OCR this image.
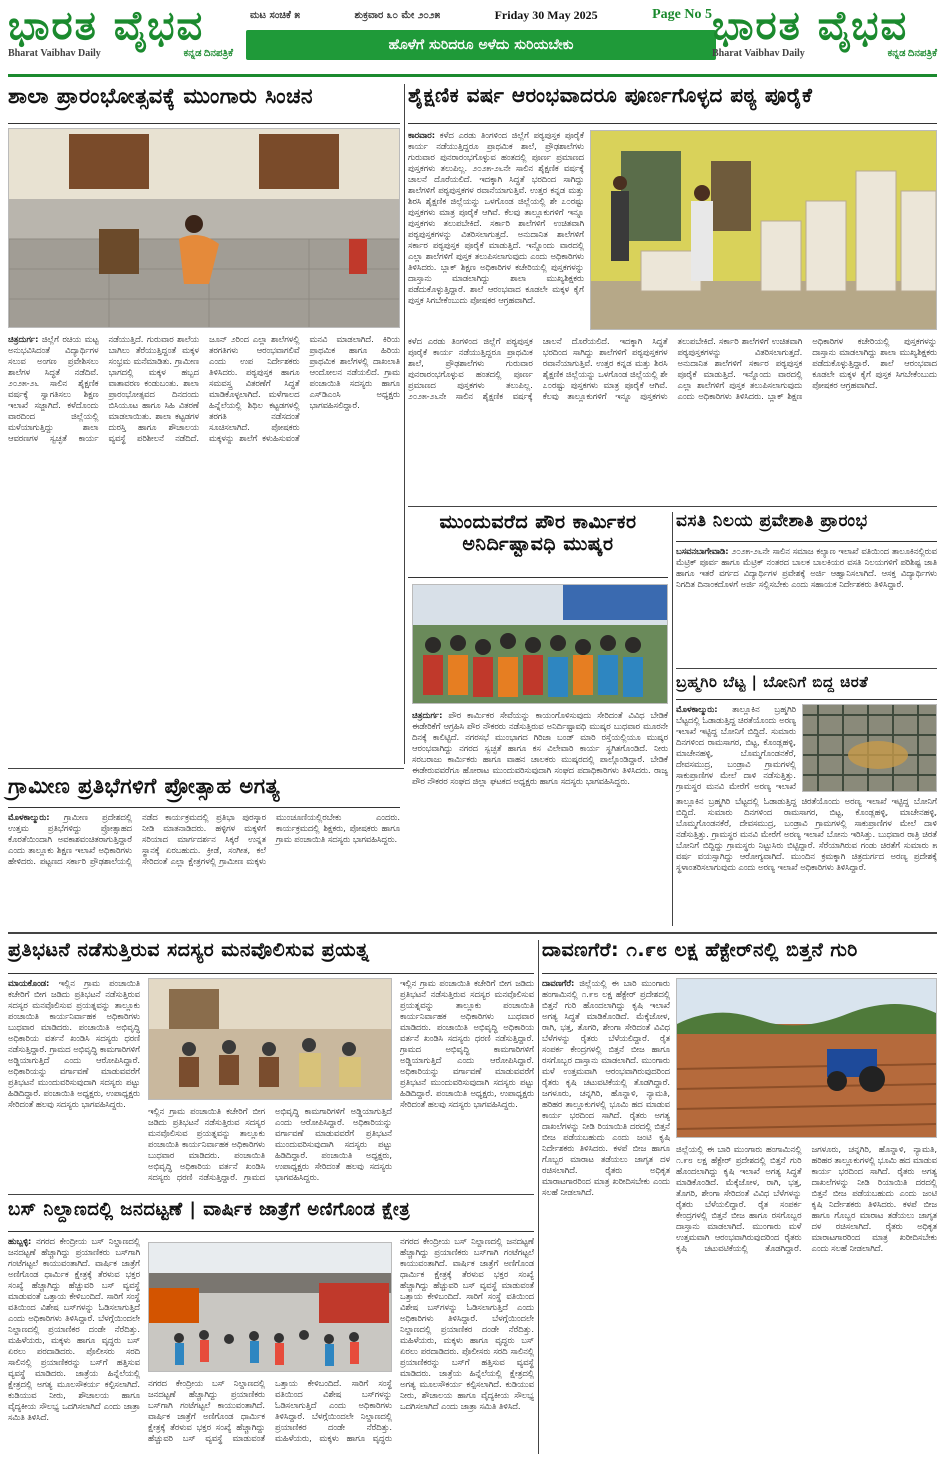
ಭಾರತ ವೈಭವ
Bharat Vaibhav Daily	ಕನ್ನಡ ದಿನಪತ್ರಿಕೆ
ಮಟ ಸಂಚಿಕೆ ೫	ಶುಕ್ರವಾರ ೩೦ ಮೇ ೨೦೨೫	Friday 30 May 2025	Page No 5
ಹೊಳೆಗೆ ಸುರಿದರೂ ಅಳೆದು ಸುರಿಯಬೇಕು	ಭಾರತ ವೈಭವ
Bharat Vaibhav Daily	ಕನ್ನಡ ದಿನಪತ್ರಿಕೆ
ಶಾಲಾ ಪ್ರಾರಂಭೋತ್ಸವಕ್ಕೆ ಮುಂಗಾರು ಸಿಂಚನ
ಚಿತ್ರದುರ್ಗ: ಜಿಲ್ಲೆಗೆ ರಚಿಯ ಮಟ್ಟ ಅನುಭವಿಸಿದಂತೆ ವಿದ್ಯಾರ್ಥಿಗಳ ಸಲುವ ಅಂಗಣ ಪ್ರವೇಶಿಸಲು ಶಾಲೆಗಳ ಸಿದ್ಧತೆ ನಡೆದಿವೆ. ೨೦೨೫-೨೬ ಸಾಲಿನ ಶೈಕ್ಷಣಿಕ ವರ್ಷಕ್ಕೆ ಸ್ವಾಗತಿಸಲು ಶಿಕ್ಷಣ ಇಲಾಖೆ ಸಜ್ಜಾಗಿದೆ. ಕಳೆದೊಂದು ವಾರದಿಂದ ಜಿಲ್ಲೆಯಲ್ಲಿ ಮಳೆಯಾಗುತ್ತಿದ್ದು ಶಾಲಾ ಆವರಣಗಳ ಸ್ವಚ್ಛತೆ ಕಾರ್ಯ ನಡೆಯುತ್ತಿದೆ. ಗುರುವಾರ ಶಾಲೆಯ ಬಾಗಿಲು ತೆರೆಯುತ್ತಿದ್ದಂತೆ ಮಕ್ಕಳ ಸಂಭ್ರಮ ಮನೆಮಾಡಿತು. ಗ್ರಾಮೀಣ ಭಾಗದಲ್ಲಿ ಮಕ್ಕಳ ಹಬ್ಬದ ವಾತಾವರಣ ಕಂಡುಬಂತು. ಶಾಲಾ ಪ್ರಾರಂಭೋತ್ಸವದ ದಿನದಂದು ಬಿಸಿಯೂಟ ಹಾಗೂ ಸಿಹಿ ವಿತರಣೆ ಮಾಡಲಾಯಿತು. ಶಾಲಾ ಕಟ್ಟಡಗಳ ದುರಸ್ತಿ ಹಾಗೂ ಶೌಚಾಲಯ ವ್ಯವಸ್ಥೆ ಪರಿಶೀಲನೆ ನಡೆದಿದೆ. ಜೂನ್ ೨ರಿಂದ ಎಲ್ಲಾ ಶಾಲೆಗಳಲ್ಲಿ ತರಗತಿಗಳು ಆರಂಭವಾಗಲಿವೆ ಎಂದು ಉಪ ನಿರ್ದೇಶಕರು ತಿಳಿಸಿದರು. ಪಠ್ಯಪುಸ್ತಕ ಹಾಗೂ ಸಮವಸ್ತ್ರ ವಿತರಣೆಗೆ ಸಿದ್ಧತೆ ಮಾಡಿಕೊಳ್ಳಲಾಗಿದೆ. ಮಳೆಗಾಲದ ಹಿನ್ನೆಲೆಯಲ್ಲಿ ಶಿಥಿಲ ಕಟ್ಟಡಗಳಲ್ಲಿ ತರಗತಿ ನಡೆಸದಂತೆ ಸೂಚಿಸಲಾಗಿದೆ. ಪೋಷಕರು ಮಕ್ಕಳನ್ನು ಶಾಲೆಗೆ ಕಳುಹಿಸುವಂತೆ ಮನವಿ ಮಾಡಲಾಗಿದೆ. ಕಿರಿಯ ಪ್ರಾಥಮಿಕ ಹಾಗೂ ಹಿರಿಯ ಪ್ರಾಥಮಿಕ ಶಾಲೆಗಳಲ್ಲಿ ದಾಖಲಾತಿ ಆಂದೋಲನ ನಡೆಯಲಿದೆ. ಗ್ರಾಮ ಪಂಚಾಯಿತಿ ಸದಸ್ಯರು ಹಾಗೂ ಎಸ್‌ಡಿಎಂಸಿ ಅಧ್ಯಕ್ಷರು ಭಾಗವಹಿಸಲಿದ್ದಾರೆ.
ಶೈಕ್ಷಣಿಕ ವರ್ಷ ಆರಂಭವಾದರೂ ಪೂರ್ಣಗೊಳ್ಳದ ಪಠ್ಯ ಪೂರೈಕೆ
ಕಾರವಾರ: ಕಳೆದ ಎರಡು ತಿಂಗಳಿಂದ ಜಿಲ್ಲೆಗೆ ಪಠ್ಯಪುಸ್ತಕ ಪೂರೈಕೆ ಕಾರ್ಯ ನಡೆಯುತ್ತಿದ್ದರೂ ಪ್ರಾಥಮಿಕ ಶಾಲೆ, ಪ್ರೌಢಶಾಲೆಗಳು ಗುರುವಾರ ಪುನರಾರಂಭಗೊಳ್ಳುವ ಹಂತದಲ್ಲಿ ಪೂರ್ಣ ಪ್ರಮಾಣದ ಪುಸ್ತಕಗಳು ತಲುಪಿಲ್ಲ. ೨೦೨೫-೨೬ನೇ ಸಾಲಿನ ಶೈಕ್ಷಣಿಕ ವರ್ಷಕ್ಕೆ ಚಾಲನೆ ದೊರೆಯಲಿದೆ. ಇದಕ್ಕಾಗಿ ಸಿದ್ಧತೆ ಭರದಿಂದ ಸಾಗಿದ್ದು ಶಾಲೆಗಳಿಗೆ ಪಠ್ಯಪುಸ್ತಕಗಳ ರವಾನೆಯಾಗುತ್ತಿವೆ. ಉತ್ತರ ಕನ್ನಡ ಮತ್ತು ಶಿರಸಿ ಶೈಕ್ಷಣಿಕ ಜಿಲ್ಲೆಯನ್ನು ಒಳಗೊಂಡ ಜಿಲ್ಲೆಯಲ್ಲಿ ಶೇ ೭೦ರಷ್ಟು ಪುಸ್ತಕಗಳು ಮಾತ್ರ ಪೂರೈಕೆ ಆಗಿವೆ. ಕೆಲವು ತಾಲ್ಲೂಕುಗಳಿಗೆ ಇನ್ನೂ ಪುಸ್ತಕಗಳು ತಲುಪಬೇಕಿದೆ. ಸರ್ಕಾರಿ ಶಾಲೆಗಳಿಗೆ ಉಚಿತವಾಗಿ ಪಠ್ಯಪುಸ್ತಕಗಳನ್ನು ವಿತರಿಸಲಾಗುತ್ತದೆ. ಅನುದಾನಿತ ಶಾಲೆಗಳಿಗೆ ಸರ್ಕಾರ ಪಠ್ಯಪುಸ್ತಕ ಪೂರೈಕೆ ಮಾಡುತ್ತಿದೆ. ಇನ್ನೊಂದು ವಾರದಲ್ಲಿ ಎಲ್ಲಾ ಶಾಲೆಗಳಿಗೆ ಪುಸ್ತಕ ತಲುಪಿಸಲಾಗುವುದು ಎಂದು ಅಧಿಕಾರಿಗಳು ತಿಳಿಸಿದರು. ಬ್ಲಾಕ್ ಶಿಕ್ಷಣ ಅಧಿಕಾರಿಗಳ ಕಚೇರಿಯಲ್ಲಿ ಪುಸ್ತಕಗಳನ್ನು ದಾಸ್ತಾನು ಮಾಡಲಾಗಿದ್ದು ಶಾಲಾ ಮುಖ್ಯಶಿಕ್ಷಕರು ಪಡೆದುಕೊಳ್ಳುತ್ತಿದ್ದಾರೆ. ಶಾಲೆ ಆರಂಭವಾದ ಕೂಡಲೇ ಮಕ್ಕಳ ಕೈಗೆ ಪುಸ್ತಕ ಸಿಗಬೇಕೆಂಬುದು ಪೋಷಕರ ಆಗ್ರಹವಾಗಿದೆ.
ಕಳೆದ ಎರಡು ತಿಂಗಳಿಂದ ಜಿಲ್ಲೆಗೆ ಪಠ್ಯಪುಸ್ತಕ ಪೂರೈಕೆ ಕಾರ್ಯ ನಡೆಯುತ್ತಿದ್ದರೂ ಪ್ರಾಥಮಿಕ ಶಾಲೆ, ಪ್ರೌಢಶಾಲೆಗಳು ಗುರುವಾರ ಪುನರಾರಂಭಗೊಳ್ಳುವ ಹಂತದಲ್ಲಿ ಪೂರ್ಣ ಪ್ರಮಾಣದ ಪುಸ್ತಕಗಳು ತಲುಪಿಲ್ಲ. ೨೦೨೫-೨೬ನೇ ಸಾಲಿನ ಶೈಕ್ಷಣಿಕ ವರ್ಷಕ್ಕೆ ಚಾಲನೆ ದೊರೆಯಲಿದೆ. ಇದಕ್ಕಾಗಿ ಸಿದ್ಧತೆ ಭರದಿಂದ ಸಾಗಿದ್ದು ಶಾಲೆಗಳಿಗೆ ಪಠ್ಯಪುಸ್ತಕಗಳ ರವಾನೆಯಾಗುತ್ತಿವೆ. ಉತ್ತರ ಕನ್ನಡ ಮತ್ತು ಶಿರಸಿ ಶೈಕ್ಷಣಿಕ ಜಿಲ್ಲೆಯನ್ನು ಒಳಗೊಂಡ ಜಿಲ್ಲೆಯಲ್ಲಿ ಶೇ ೭೦ರಷ್ಟು ಪುಸ್ತಕಗಳು ಮಾತ್ರ ಪೂರೈಕೆ ಆಗಿವೆ. ಕೆಲವು ತಾಲ್ಲೂಕುಗಳಿಗೆ ಇನ್ನೂ ಪುಸ್ತಕಗಳು ತಲುಪಬೇಕಿದೆ. ಸರ್ಕಾರಿ ಶಾಲೆಗಳಿಗೆ ಉಚಿತವಾಗಿ ಪಠ್ಯಪುಸ್ತಕಗಳನ್ನು ವಿತರಿಸಲಾಗುತ್ತದೆ. ಅನುದಾನಿತ ಶಾಲೆಗಳಿಗೆ ಸರ್ಕಾರ ಪಠ್ಯಪುಸ್ತಕ ಪೂರೈಕೆ ಮಾಡುತ್ತಿದೆ. ಇನ್ನೊಂದು ವಾರದಲ್ಲಿ ಎಲ್ಲಾ ಶಾಲೆಗಳಿಗೆ ಪುಸ್ತಕ ತಲುಪಿಸಲಾಗುವುದು ಎಂದು ಅಧಿಕಾರಿಗಳು ತಿಳಿಸಿದರು. ಬ್ಲಾಕ್ ಶಿಕ್ಷಣ ಅಧಿಕಾರಿಗಳ ಕಚೇರಿಯಲ್ಲಿ ಪುಸ್ತಕಗಳನ್ನು ದಾಸ್ತಾನು ಮಾಡಲಾಗಿದ್ದು ಶಾಲಾ ಮುಖ್ಯಶಿಕ್ಷಕರು ಪಡೆದುಕೊಳ್ಳುತ್ತಿದ್ದಾರೆ. ಶಾಲೆ ಆರಂಭವಾದ ಕೂಡಲೇ ಮಕ್ಕಳ ಕೈಗೆ ಪುಸ್ತಕ ಸಿಗಬೇಕೆಂಬುದು ಪೋಷಕರ ಆಗ್ರಹವಾಗಿದೆ.
ಮುಂದುವರೆದ ಪೌರ ಕಾರ್ಮಿಕರ ಅನಿರ್ದಿಷ್ಟಾವಧಿ ಮುಷ್ಕರ
ಚಿತ್ರದುರ್ಗ: ಪೌರ ಕಾರ್ಮಿಕರ ಸೇವೆಯನ್ನು ಕಾಯಂಗೊಳಿಸುವುದು ಸೇರಿದಂತೆ ವಿವಿಧ ಬೇಡಿಕೆ ಈಡೇರಿಕೆಗೆ ಆಗ್ರಹಿಸಿ ಪೌರ ನೌಕರರು ನಡೆಸುತ್ತಿರುವ ಅನಿರ್ದಿಷ್ಟಾವಧಿ ಮುಷ್ಕರ ಬುಧವಾರ ಮೂರನೇ ದಿನಕ್ಕೆ ಕಾಲಿಟ್ಟಿದೆ. ನಗರಸಭೆ ಮುಂಭಾಗದ ಗಿರಿಜಾ ಬಂಡ್ ಮಾರಿ ರಸ್ತೆಯಲ್ಲಿಯೂ ಮುಷ್ಕರ ಆರಂಭವಾಗಿದ್ದು ನಗರದ ಸ್ವಚ್ಛತೆ ಹಾಗೂ ಕಸ ವಿಲೇವಾರಿ ಕಾರ್ಯ ಸ್ಥಗಿತಗೊಂಡಿದೆ. ನೀರು ಸರಬರಾಜು ಕಾರ್ಮಿಕರು ಹಾಗೂ ವಾಹನ ಚಾಲಕರು ಮುಷ್ಕರದಲ್ಲಿ ಪಾಲ್ಗೊಂಡಿದ್ದಾರೆ. ಬೇಡಿಕೆ ಈಡೇರುವವರೆಗೂ ಹೋರಾಟ ಮುಂದುವರಿಸುವುದಾಗಿ ಸಂಘದ ಪದಾಧಿಕಾರಿಗಳು ತಿಳಿಸಿದರು. ರಾಜ್ಯ ಪೌರ ನೌಕರರ ಸಂಘದ ಜಿಲ್ಲಾ ಘಟಕದ ಅಧ್ಯಕ್ಷರು ಹಾಗೂ ಸದಸ್ಯರು ಭಾಗವಹಿಸಿದ್ದರು.
ವಸತಿ ನಿಲಯ ಪ್ರವೇಶಾತಿ ಪ್ರಾರಂಭ
ಬಸವನಬಾಗೇವಾಡಿ: ೨೦೨೫-೨೬ನೇ ಸಾಲಿನ ಸಮಾಜ ಕಲ್ಯಾಣ ಇಲಾಖೆ ವತಿಯಿಂದ ತಾಲೂಕಿನಲ್ಲಿರುವ ಮೆಟ್ರಿಕ್ ಪೂರ್ವ ಹಾಗೂ ಮೆಟ್ರಿಕ್ ನಂತರದ ಬಾಲಕ ಬಾಲಕಿಯರ ವಸತಿ ನಿಲಯಗಳಿಗೆ ಪರಿಶಿಷ್ಟ ಜಾತಿ ಹಾಗೂ ಇತರೆ ವರ್ಗದ ವಿದ್ಯಾರ್ಥಿಗಳ ಪ್ರವೇಶಕ್ಕೆ ಅರ್ಜಿ ಆಹ್ವಾನಿಸಲಾಗಿದೆ. ಆಸಕ್ತ ವಿದ್ಯಾರ್ಥಿಗಳು ನಿಗದಿತ ದಿನಾಂಕದೊಳಗೆ ಅರ್ಜಿ ಸಲ್ಲಿಸಬೇಕು ಎಂದು ಸಹಾಯಕ ನಿರ್ದೇಶಕರು ತಿಳಿಸಿದ್ದಾರೆ.
ಬ್ರಹ್ಮಗಿರಿ ಬೆಟ್ಟ | ಬೋನಿಗೆ ಬಿದ್ದ ಚಿರತೆ
ಮೊಳಕಾಲ್ಮುರು: ತಾಲ್ಲೂಕಿನ ಬ್ರಹ್ಮಗಿರಿ ಬೆಟ್ಟದಲ್ಲಿ ಓಡಾಡುತ್ತಿದ್ದ ಚಿರತೆಯೊಂದು ಅರಣ್ಯ ಇಲಾಖೆ ಇಟ್ಟಿದ್ದ ಬೋನಿಗೆ ಬಿದ್ದಿದೆ. ಸುಮಾರು ದಿನಗಳಿಂದ ರಾಮಸಾಗರ, ಬಿಟ್ಟ, ಕೊಂಡ್ಲಹಳ್ಳಿ, ಮಾಚೇನಹಳ್ಳಿ, ಬೊಮ್ಮಗೊಂಡನಕೆರೆ, ದೇವಸಮುದ್ರ, ಬಂಡ್ರಾವಿ ಗ್ರಾಮಗಳಲ್ಲಿ ಸಾಕುಪ್ರಾಣಿಗಳ ಮೇಲೆ ದಾಳಿ ನಡೆಸುತ್ತಿತ್ತು. ಗ್ರಾಮಸ್ಥರ ಮನವಿ ಮೇರೆಗೆ ಅರಣ್ಯ ಇಲಾಖೆ
ತಾಲ್ಲೂಕಿನ ಬ್ರಹ್ಮಗಿರಿ ಬೆಟ್ಟದಲ್ಲಿ ಓಡಾಡುತ್ತಿದ್ದ ಚಿರತೆಯೊಂದು ಅರಣ್ಯ ಇಲಾಖೆ ಇಟ್ಟಿದ್ದ ಬೋನಿಗೆ ಬಿದ್ದಿದೆ. ಸುಮಾರು ದಿನಗಳಿಂದ ರಾಮಸಾಗರ, ಬಿಟ್ಟ, ಕೊಂಡ್ಲಹಳ್ಳಿ, ಮಾಚೇನಹಳ್ಳಿ, ಬೊಮ್ಮಗೊಂಡನಕೆರೆ, ದೇವಸಮುದ್ರ, ಬಂಡ್ರಾವಿ ಗ್ರಾಮಗಳಲ್ಲಿ ಸಾಕುಪ್ರಾಣಿಗಳ ಮೇಲೆ ದಾಳಿ ನಡೆಸುತ್ತಿತ್ತು. ಗ್ರಾಮಸ್ಥರ ಮನವಿ ಮೇರೆಗೆ ಅರಣ್ಯ ಇಲಾಖೆ ಬೋನು ಇರಿಸಿತ್ತು. ಬುಧವಾರ ರಾತ್ರಿ ಚಿರತೆ ಬೋನಿಗೆ ಬಿದ್ದಿದ್ದು ಗ್ರಾಮಸ್ಥರು ನಿಟ್ಟುಸಿರು ಬಿಟ್ಟಿದ್ದಾರೆ. ಸೆರೆಯಾಗಿರುವ ಗಂಡು ಚಿರತೆಗೆ ಸುಮಾರು ೫ ವರ್ಷ ವಯಸ್ಸಾಗಿದ್ದು ಆರೋಗ್ಯವಾಗಿದೆ. ಮುಂದಿನ ಕ್ರಮಕ್ಕಾಗಿ ಚಿತ್ರದುರ್ಗದ ಅರಣ್ಯ ಪ್ರದೇಶಕ್ಕೆ ಸ್ಥಳಾಂತರಿಸಲಾಗುವುದು ಎಂದು ಅರಣ್ಯ ಇಲಾಖೆ ಅಧಿಕಾರಿಗಳು ತಿಳಿಸಿದ್ದಾರೆ.
ಗ್ರಾಮೀಣ ಪ್ರತಿಭೆಗಳಿಗೆ ಪ್ರೋತ್ಸಾಹ ಅಗತ್ಯ
ಮೊಳಕಾಲ್ಮುರು: ಗ್ರಾಮೀಣ ಪ್ರದೇಶದಲ್ಲಿ ಉತ್ತಮ ಪ್ರತಿಭೆಗಳಿದ್ದು ಪ್ರೋತ್ಸಾಹದ ಕೊರತೆಯಿಂದಾಗಿ ಅವಕಾಶವಂಚಿತರಾಗುತ್ತಿದ್ದಾರೆ ಎಂದು ತಾಲ್ಲೂಕು ಶಿಕ್ಷಣ ಇಲಾಖೆ ಅಧಿಕಾರಿಗಳು ಹೇಳಿದರು. ಪಟ್ಟಣದ ಸರ್ಕಾರಿ ಪ್ರೌಢಶಾಲೆಯಲ್ಲಿ ನಡೆದ ಕಾರ್ಯಕ್ರಮದಲ್ಲಿ ಪ್ರತಿಭಾ ಪುರಸ್ಕಾರ ನೀಡಿ ಮಾತನಾಡಿದರು. ಹಳ್ಳಿಗಳ ಮಕ್ಕಳಿಗೆ ಸರಿಯಾದ ಮಾರ್ಗದರ್ಶನ ಸಿಕ್ಕರೆ ಉನ್ನತ ಸ್ಥಾನಕ್ಕೆ ಏರಬಹುದು. ಕ್ರೀಡೆ, ಸಂಗೀತ, ಕಲೆ ಸೇರಿದಂತೆ ಎಲ್ಲಾ ಕ್ಷೇತ್ರಗಳಲ್ಲಿ ಗ್ರಾಮೀಣ ಮಕ್ಕಳು ಮುಂಚೂಣಿಯಲ್ಲಿರಬೇಕು ಎಂದರು. ಕಾರ್ಯಕ್ರಮದಲ್ಲಿ ಶಿಕ್ಷಕರು, ಪೋಷಕರು ಹಾಗೂ ಗ್ರಾಮ ಪಂಚಾಯಿತಿ ಸದಸ್ಯರು ಭಾಗವಹಿಸಿದ್ದರು.
ಪ್ರತಿಭಟನೆ ನಡೆಸುತ್ತಿರುವ ಸದಸ್ಯರ ಮನವೊಲಿಸುವ ಪ್ರಯತ್ನ
ಮಾಯಕೊಂಡ: ಇಲ್ಲಿನ ಗ್ರಾಮ ಪಂಚಾಯಿತಿ ಕಚೇರಿಗೆ ಬೀಗ ಜಡಿದು ಪ್ರತಿಭಟನೆ ನಡೆಸುತ್ತಿರುವ ಸದಸ್ಯರ ಮನವೊಲಿಸುವ ಪ್ರಯತ್ನವನ್ನು ತಾಲ್ಲೂಕು ಪಂಚಾಯಿತಿ ಕಾರ್ಯನಿರ್ವಾಹಕ ಅಧಿಕಾರಿಗಳು ಬುಧವಾರ ಮಾಡಿದರು. ಪಂಚಾಯಿತಿ ಅಭಿವೃದ್ಧಿ ಅಧಿಕಾರಿಯ ವರ್ತನೆ ಖಂಡಿಸಿ ಸದಸ್ಯರು ಧರಣಿ ನಡೆಸುತ್ತಿದ್ದಾರೆ. ಗ್ರಾಮದ ಅಭಿವೃದ್ಧಿ ಕಾಮಗಾರಿಗಳಿಗೆ ಅಡ್ಡಿಯಾಗುತ್ತಿದೆ ಎಂದು ಆರೋಪಿಸಿದ್ದಾರೆ. ಅಧಿಕಾರಿಯನ್ನು ವರ್ಗಾವಣೆ ಮಾಡುವವರೆಗೆ ಪ್ರತಿಭಟನೆ ಮುಂದುವರಿಸುವುದಾಗಿ ಸದಸ್ಯರು ಪಟ್ಟು ಹಿಡಿದಿದ್ದಾರೆ. ಪಂಚಾಯಿತಿ ಅಧ್ಯಕ್ಷರು, ಉಪಾಧ್ಯಕ್ಷರು ಸೇರಿದಂತೆ ಹಲವು ಸದಸ್ಯರು ಭಾಗವಹಿಸಿದ್ದರು.
ಇಲ್ಲಿನ ಗ್ರಾಮ ಪಂಚಾಯಿತಿ ಕಚೇರಿಗೆ ಬೀಗ ಜಡಿದು ಪ್ರತಿಭಟನೆ ನಡೆಸುತ್ತಿರುವ ಸದಸ್ಯರ ಮನವೊಲಿಸುವ ಪ್ರಯತ್ನವನ್ನು ತಾಲ್ಲೂಕು ಪಂಚಾಯಿತಿ ಕಾರ್ಯನಿರ್ವಾಹಕ ಅಧಿಕಾರಿಗಳು ಬುಧವಾರ ಮಾಡಿದರು. ಪಂಚಾಯಿತಿ ಅಭಿವೃದ್ಧಿ ಅಧಿಕಾರಿಯ ವರ್ತನೆ ಖಂಡಿಸಿ ಸದಸ್ಯರು ಧರಣಿ ನಡೆಸುತ್ತಿದ್ದಾರೆ. ಗ್ರಾಮದ ಅಭಿವೃದ್ಧಿ ಕಾಮಗಾರಿಗಳಿಗೆ ಅಡ್ಡಿಯಾಗುತ್ತಿದೆ ಎಂದು ಆರೋಪಿಸಿದ್ದಾರೆ. ಅಧಿಕಾರಿಯನ್ನು ವರ್ಗಾವಣೆ ಮಾಡುವವರೆಗೆ ಪ್ರತಿಭಟನೆ ಮುಂದುವರಿಸುವುದಾಗಿ ಸದಸ್ಯರು ಪಟ್ಟು ಹಿಡಿದಿದ್ದಾರೆ. ಪಂಚಾಯಿತಿ ಅಧ್ಯಕ್ಷರು, ಉಪಾಧ್ಯಕ್ಷರು ಸೇರಿದಂತೆ ಹಲವು ಸದಸ್ಯರು ಭಾಗವಹಿಸಿದ್ದರು.
ಇಲ್ಲಿನ ಗ್ರಾಮ ಪಂಚಾಯಿತಿ ಕಚೇರಿಗೆ ಬೀಗ ಜಡಿದು ಪ್ರತಿಭಟನೆ ನಡೆಸುತ್ತಿರುವ ಸದಸ್ಯರ ಮನವೊಲಿಸುವ ಪ್ರಯತ್ನವನ್ನು ತಾಲ್ಲೂಕು ಪಂಚಾಯಿತಿ ಕಾರ್ಯನಿರ್ವಾಹಕ ಅಧಿಕಾರಿಗಳು ಬುಧವಾರ ಮಾಡಿದರು. ಪಂಚಾಯಿತಿ ಅಭಿವೃದ್ಧಿ ಅಧಿಕಾರಿಯ ವರ್ತನೆ ಖಂಡಿಸಿ ಸದಸ್ಯರು ಧರಣಿ ನಡೆಸುತ್ತಿದ್ದಾರೆ. ಗ್ರಾಮದ ಅಭಿವೃದ್ಧಿ ಕಾಮಗಾರಿಗಳಿಗೆ ಅಡ್ಡಿಯಾಗುತ್ತಿದೆ ಎಂದು ಆರೋಪಿಸಿದ್ದಾರೆ. ಅಧಿಕಾರಿಯನ್ನು ವರ್ಗಾವಣೆ ಮಾಡುವವರೆಗೆ ಪ್ರತಿಭಟನೆ ಮುಂದುವರಿಸುವುದಾಗಿ ಸದಸ್ಯರು ಪಟ್ಟು ಹಿಡಿದಿದ್ದಾರೆ. ಪಂಚಾಯಿತಿ ಅಧ್ಯಕ್ಷರು, ಉಪಾಧ್ಯಕ್ಷರು ಸೇರಿದಂತೆ ಹಲವು ಸದಸ್ಯರು ಭಾಗವಹಿಸಿದ್ದರು.
ದಾವಣಗೆರೆ: ೧.೯೮ ಲಕ್ಷ ಹೆಕ್ಟೇರ್‌ನಲ್ಲಿ ಬಿತ್ತನೆ ಗುರಿ
ದಾವಣಗೆರೆ: ಜಿಲ್ಲೆಯಲ್ಲಿ ಈ ಬಾರಿ ಮುಂಗಾರು ಹಂಗಾಮಿನಲ್ಲಿ ೧.೯೮ ಲಕ್ಷ ಹೆಕ್ಟೇರ್ ಪ್ರದೇಶದಲ್ಲಿ ಬಿತ್ತನೆ ಗುರಿ ಹೊಂದಲಾಗಿದ್ದು ಕೃಷಿ ಇಲಾಖೆ ಅಗತ್ಯ ಸಿದ್ಧತೆ ಮಾಡಿಕೊಂಡಿದೆ. ಮೆಕ್ಕೆಜೋಳ, ರಾಗಿ, ಭತ್ತ, ತೊಗರಿ, ಶೇಂಗಾ ಸೇರಿದಂತೆ ವಿವಿಧ ಬೆಳೆಗಳನ್ನು ರೈತರು ಬೆಳೆಯಲಿದ್ದಾರೆ. ರೈತ ಸಂಪರ್ಕ ಕೇಂದ್ರಗಳಲ್ಲಿ ಬಿತ್ತನೆ ಬೀಜ ಹಾಗೂ ರಸಗೊಬ್ಬರ ದಾಸ್ತಾನು ಮಾಡಲಾಗಿದೆ. ಮುಂಗಾರು ಮಳೆ ಉತ್ತಮವಾಗಿ ಆರಂಭವಾಗಿರುವುದರಿಂದ ರೈತರು ಕೃಷಿ ಚಟುವಟಿಕೆಯಲ್ಲಿ ತೊಡಗಿದ್ದಾರೆ. ಜಗಳೂರು, ಚನ್ನಗಿರಿ, ಹೊನ್ನಾಳಿ, ನ್ಯಾಮತಿ, ಹರಿಹರ ತಾಲ್ಲೂಕುಗಳಲ್ಲಿ ಭೂಮಿ ಹದ ಮಾಡುವ ಕಾರ್ಯ ಭರದಿಂದ ಸಾಗಿದೆ. ರೈತರು ಅಗತ್ಯ ದಾಖಲೆಗಳನ್ನು ನೀಡಿ ರಿಯಾಯಿತಿ ದರದಲ್ಲಿ ಬಿತ್ತನೆ ಬೀಜ ಪಡೆಯಬಹುದು ಎಂದು ಜಂಟಿ ಕೃಷಿ ನಿರ್ದೇಶಕರು ತಿಳಿಸಿದರು. ಕಳಪೆ ಬೀಜ ಹಾಗೂ ಗೊಬ್ಬರ ಮಾರಾಟ ತಡೆಯಲು ಜಾಗೃತ ದಳ ರಚಿಸಲಾಗಿದೆ. ರೈತರು ಅಧಿಕೃತ ಮಾರಾಟಗಾರರಿಂದ ಮಾತ್ರ ಖರೀದಿಸಬೇಕು ಎಂದು ಸಲಹೆ ನೀಡಲಾಗಿದೆ.
ಜಿಲ್ಲೆಯಲ್ಲಿ ಈ ಬಾರಿ ಮುಂಗಾರು ಹಂಗಾಮಿನಲ್ಲಿ ೧.೯೮ ಲಕ್ಷ ಹೆಕ್ಟೇರ್ ಪ್ರದೇಶದಲ್ಲಿ ಬಿತ್ತನೆ ಗುರಿ ಹೊಂದಲಾಗಿದ್ದು ಕೃಷಿ ಇಲಾಖೆ ಅಗತ್ಯ ಸಿದ್ಧತೆ ಮಾಡಿಕೊಂಡಿದೆ. ಮೆಕ್ಕೆಜೋಳ, ರಾಗಿ, ಭತ್ತ, ತೊಗರಿ, ಶೇಂಗಾ ಸೇರಿದಂತೆ ವಿವಿಧ ಬೆಳೆಗಳನ್ನು ರೈತರು ಬೆಳೆಯಲಿದ್ದಾರೆ. ರೈತ ಸಂಪರ್ಕ ಕೇಂದ್ರಗಳಲ್ಲಿ ಬಿತ್ತನೆ ಬೀಜ ಹಾಗೂ ರಸಗೊಬ್ಬರ ದಾಸ್ತಾನು ಮಾಡಲಾಗಿದೆ. ಮುಂಗಾರು ಮಳೆ ಉತ್ತಮವಾಗಿ ಆರಂಭವಾಗಿರುವುದರಿಂದ ರೈತರು ಕೃಷಿ ಚಟುವಟಿಕೆಯಲ್ಲಿ ತೊಡಗಿದ್ದಾರೆ. ಜಗಳೂರು, ಚನ್ನಗಿರಿ, ಹೊನ್ನಾಳಿ, ನ್ಯಾಮತಿ, ಹರಿಹರ ತಾಲ್ಲೂಕುಗಳಲ್ಲಿ ಭೂಮಿ ಹದ ಮಾಡುವ ಕಾರ್ಯ ಭರದಿಂದ ಸಾಗಿದೆ. ರೈತರು ಅಗತ್ಯ ದಾಖಲೆಗಳನ್ನು ನೀಡಿ ರಿಯಾಯಿತಿ ದರದಲ್ಲಿ ಬಿತ್ತನೆ ಬೀಜ ಪಡೆಯಬಹುದು ಎಂದು ಜಂಟಿ ಕೃಷಿ ನಿರ್ದೇಶಕರು ತಿಳಿಸಿದರು. ಕಳಪೆ ಬೀಜ ಹಾಗೂ ಗೊಬ್ಬರ ಮಾರಾಟ ತಡೆಯಲು ಜಾಗೃತ ದಳ ರಚಿಸಲಾಗಿದೆ. ರೈತರು ಅಧಿಕೃತ ಮಾರಾಟಗಾರರಿಂದ ಮಾತ್ರ ಖರೀದಿಸಬೇಕು ಎಂದು ಸಲಹೆ ನೀಡಲಾಗಿದೆ.
ಬಸ್ ನಿಲ್ದಾಣದಲ್ಲಿ ಜನದಟ್ಟಣೆ | ವಾರ್ಷಿಕ ಜಾತ್ರೆಗೆ ಅಣಿಗೊಂಡ ಕ್ಷೇತ್ರ
ಹುಬ್ಬಳ್ಳಿ: ನಗರದ ಕೇಂದ್ರೀಯ ಬಸ್ ನಿಲ್ದಾಣದಲ್ಲಿ ಜನದಟ್ಟಣೆ ಹೆಚ್ಚಾಗಿದ್ದು ಪ್ರಯಾಣಿಕರು ಬಸ್‌ಗಾಗಿ ಗಂಟೆಗಟ್ಟಲೆ ಕಾಯುವಂತಾಗಿದೆ. ವಾರ್ಷಿಕ ಜಾತ್ರೆಗೆ ಅಣಿಗೊಂಡ ಧಾರ್ಮಿಕ ಕ್ಷೇತ್ರಕ್ಕೆ ತೆರಳುವ ಭಕ್ತರ ಸಂಖ್ಯೆ ಹೆಚ್ಚಾಗಿದ್ದು ಹೆಚ್ಚುವರಿ ಬಸ್ ವ್ಯವಸ್ಥೆ ಮಾಡುವಂತೆ ಒತ್ತಾಯ ಕೇಳಿಬಂದಿದೆ. ಸಾರಿಗೆ ಸಂಸ್ಥೆ ವತಿಯಿಂದ ವಿಶೇಷ ಬಸ್‌ಗಳನ್ನು ಓಡಿಸಲಾಗುತ್ತಿದೆ ಎಂದು ಅಧಿಕಾರಿಗಳು ತಿಳಿಸಿದ್ದಾರೆ. ಬೆಳಗ್ಗೆಯಿಂದಲೇ ನಿಲ್ದಾಣದಲ್ಲಿ ಪ್ರಯಾಣಿಕರ ದಂಡೇ ನೆರೆದಿತ್ತು. ಮಹಿಳೆಯರು, ಮಕ್ಕಳು ಹಾಗೂ ವೃದ್ಧರು ಬಸ್ ಏರಲು ಪರದಾಡಿದರು. ಪೊಲೀಸರು ಸರದಿ ಸಾಲಿನಲ್ಲಿ ಪ್ರಯಾಣಿಕರನ್ನು ಬಸ್‌ಗೆ ಹತ್ತಿಸುವ ವ್ಯವಸ್ಥೆ ಮಾಡಿದರು. ಜಾತ್ರೆಯ ಹಿನ್ನೆಲೆಯಲ್ಲಿ ಕ್ಷೇತ್ರದಲ್ಲಿ ಅಗತ್ಯ ಮೂಲಸೌಕರ್ಯ ಕಲ್ಪಿಸಲಾಗಿದೆ. ಕುಡಿಯುವ ನೀರು, ಶೌಚಾಲಯ ಹಾಗೂ ವೈದ್ಯಕೀಯ ಸೌಲಭ್ಯ ಒದಗಿಸಲಾಗಿದೆ ಎಂದು ಜಾತ್ರಾ ಸಮಿತಿ ತಿಳಿಸಿದೆ.
ನಗರದ ಕೇಂದ್ರೀಯ ಬಸ್ ನಿಲ್ದಾಣದಲ್ಲಿ ಜನದಟ್ಟಣೆ ಹೆಚ್ಚಾಗಿದ್ದು ಪ್ರಯಾಣಿಕರು ಬಸ್‌ಗಾಗಿ ಗಂಟೆಗಟ್ಟಲೆ ಕಾಯುವಂತಾಗಿದೆ. ವಾರ್ಷಿಕ ಜಾತ್ರೆಗೆ ಅಣಿಗೊಂಡ ಧಾರ್ಮಿಕ ಕ್ಷೇತ್ರಕ್ಕೆ ತೆರಳುವ ಭಕ್ತರ ಸಂಖ್ಯೆ ಹೆಚ್ಚಾಗಿದ್ದು ಹೆಚ್ಚುವರಿ ಬಸ್ ವ್ಯವಸ್ಥೆ ಮಾಡುವಂತೆ ಒತ್ತಾಯ ಕೇಳಿಬಂದಿದೆ. ಸಾರಿಗೆ ಸಂಸ್ಥೆ ವತಿಯಿಂದ ವಿಶೇಷ ಬಸ್‌ಗಳನ್ನು ಓಡಿಸಲಾಗುತ್ತಿದೆ ಎಂದು ಅಧಿಕಾರಿಗಳು ತಿಳಿಸಿದ್ದಾರೆ. ಬೆಳಗ್ಗೆಯಿಂದಲೇ ನಿಲ್ದಾಣದಲ್ಲಿ ಪ್ರಯಾಣಿಕರ ದಂಡೇ ನೆರೆದಿತ್ತು. ಮಹಿಳೆಯರು, ಮಕ್ಕಳು ಹಾಗೂ ವೃದ್ಧರು
ನಗರದ ಕೇಂದ್ರೀಯ ಬಸ್ ನಿಲ್ದಾಣದಲ್ಲಿ ಜನದಟ್ಟಣೆ ಹೆಚ್ಚಾಗಿದ್ದು ಪ್ರಯಾಣಿಕರು ಬಸ್‌ಗಾಗಿ ಗಂಟೆಗಟ್ಟಲೆ ಕಾಯುವಂತಾಗಿದೆ. ವಾರ್ಷಿಕ ಜಾತ್ರೆಗೆ ಅಣಿಗೊಂಡ ಧಾರ್ಮಿಕ ಕ್ಷೇತ್ರಕ್ಕೆ ತೆರಳುವ ಭಕ್ತರ ಸಂಖ್ಯೆ ಹೆಚ್ಚಾಗಿದ್ದು ಹೆಚ್ಚುವರಿ ಬಸ್ ವ್ಯವಸ್ಥೆ ಮಾಡುವಂತೆ ಒತ್ತಾಯ ಕೇಳಿಬಂದಿದೆ. ಸಾರಿಗೆ ಸಂಸ್ಥೆ ವತಿಯಿಂದ ವಿಶೇಷ ಬಸ್‌ಗಳನ್ನು ಓಡಿಸಲಾಗುತ್ತಿದೆ ಎಂದು ಅಧಿಕಾರಿಗಳು ತಿಳಿಸಿದ್ದಾರೆ. ಬೆಳಗ್ಗೆಯಿಂದಲೇ ನಿಲ್ದಾಣದಲ್ಲಿ ಪ್ರಯಾಣಿಕರ ದಂಡೇ ನೆರೆದಿತ್ತು. ಮಹಿಳೆಯರು, ಮಕ್ಕಳು ಹಾಗೂ ವೃದ್ಧರು ಬಸ್ ಏರಲು ಪರದಾಡಿದರು. ಪೊಲೀಸರು ಸರದಿ ಸಾಲಿನಲ್ಲಿ ಪ್ರಯಾಣಿಕರನ್ನು ಬಸ್‌ಗೆ ಹತ್ತಿಸುವ ವ್ಯವಸ್ಥೆ ಮಾಡಿದರು. ಜಾತ್ರೆಯ ಹಿನ್ನೆಲೆಯಲ್ಲಿ ಕ್ಷೇತ್ರದಲ್ಲಿ ಅಗತ್ಯ ಮೂಲಸೌಕರ್ಯ ಕಲ್ಪಿಸಲಾಗಿದೆ. ಕುಡಿಯುವ ನೀರು, ಶೌಚಾಲಯ ಹಾಗೂ ವೈದ್ಯಕೀಯ ಸೌಲಭ್ಯ ಒದಗಿಸಲಾಗಿದೆ ಎಂದು ಜಾತ್ರಾ ಸಮಿತಿ ತಿಳಿಸಿದೆ.
